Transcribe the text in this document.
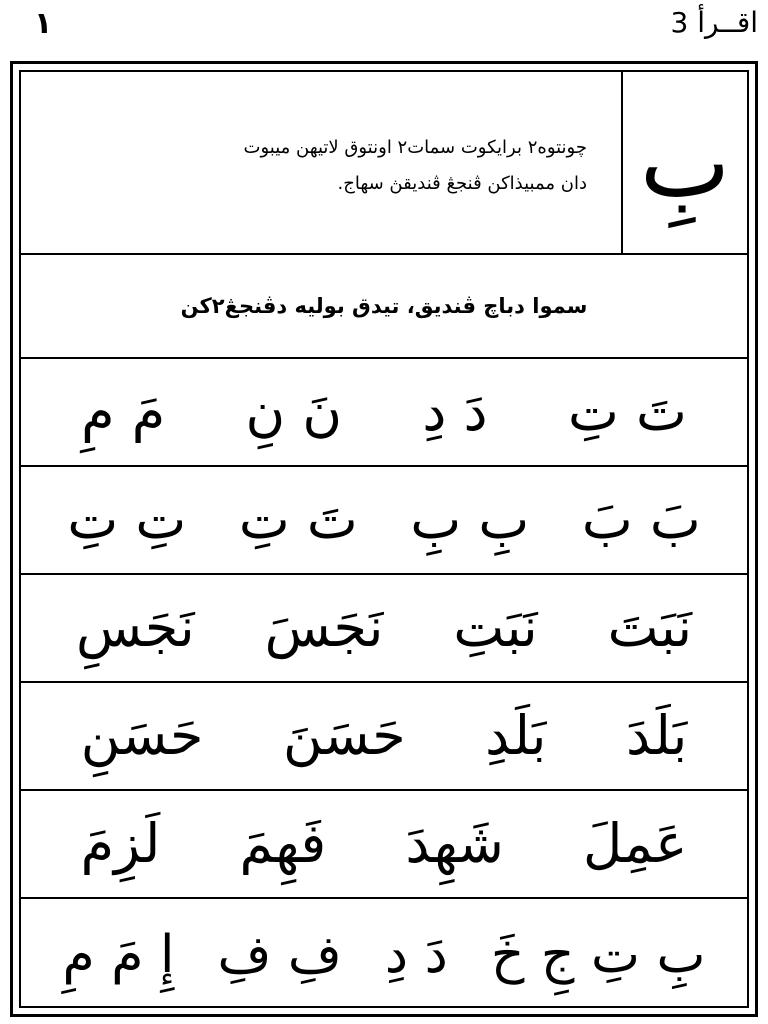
١	اقــرأ 3
بِ
چونتوه٢ برايكوت سمات٢ اونتوق لاتيهن ميبوت
دان ممبيذاكن ڤنجڠ ڤنديقڽ سهاج.
سموا دباچ ڤنديق، تيدق بوليه دڤنجڠ٢كن
تَ تِ
دَ دِ
نَ نِ
مَ مِ
بَ بَ
بِ بِ
تَ تِ
تِ تِ
نَبَتَ
نَبَتِ
نَجَسَ
نَجَسِ
بَلَدَ
بَلَدِ
حَسَنَ
حَسَنِ
عَمِلَ
شَهِدَ
فَهِمَ
لَزِمَ
بِ تِ جِ خَ
دَ دِ
فِ فِ
إِ مَ مِ
